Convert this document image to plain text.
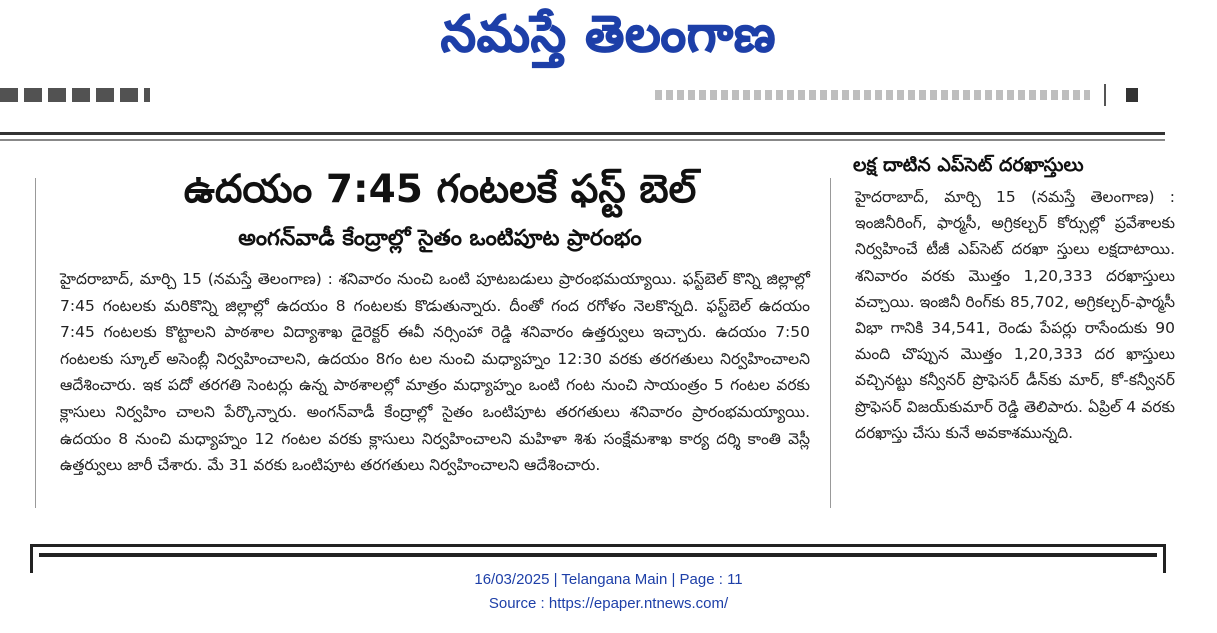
నమస్తే తెలంగాణ
ఉదయం 7:45 గంటలకే ఫస్ట్ బెల్
అంగన్‌వాడీ కేంద్రాల్లో సైతం ఒంటిపూట ప్రారంభం
హైదరాబాద్, మార్చి 15 (నమస్తే తెలంగాణ) : శనివారం నుంచి ఒంటి పూటబడులు ప్రారంభమయ్యాయి. ఫస్ట్‌బెల్ కొన్ని జిల్లాల్లో 7:45 గంటలకు మరికొన్ని జిల్లాల్లో ఉదయం 8 గంటలకు కొడుతున్నారు. దీంతో గంద రగోళం నెలకొన్నది. ఫస్ట్‌బెల్ ఉదయం 7:45 గంటలకు కొట్టాలని పాఠశాల విద్యాశాఖ డైరెక్టర్ ఈవీ నర్సింహా రెడ్డి శనివారం ఉత్తర్వులు ఇచ్చారు. ఉదయం 7:50 గంటలకు స్కూల్ అసెంబ్లీ నిర్వహించాలని, ఉదయం 8గం టల నుంచి మధ్యాహ్నం 12:30 వరకు తరగతులు నిర్వహించాలని ఆదేశించారు. ఇక పదో తరగతి సెంటర్లు ఉన్న పాఠశాలల్లో మాత్రం మధ్యాహ్నం ఒంటి గంట నుంచి సాయంత్రం 5 గంటల వరకు క్లాసులు నిర్వహిం చాలని పేర్కొన్నారు. అంగన్‌వాడీ కేంద్రాల్లో సైతం ఒంటిపూట తరగతులు శనివారం ప్రారంభమయ్యాయి. ఉదయం 8 నుంచి మధ్యాహ్నం 12 గంటల వరకు క్లాసులు నిర్వహించాలని మహిళా శిశు సంక్షేమశాఖ కార్య దర్శి కాంతి వెస్లీ ఉత్తర్వులు జారీ చేశారు. మే 31 వరకు ఒంటిపూట తరగతులు నిర్వహించాలని ఆదేశించారు.
లక్ష దాటిన ఎప్‌సెట్ దరఖాస్తులు
హైదరాబాద్, మార్చి 15 (నమస్తే తెలంగాణ) : ఇంజినీరింగ్, ఫార్మసీ, అగ్రికల్చర్ కోర్సుల్లో ప్రవేశాలకు నిర్వహించే టీజీ ఎప్‌సెట్ దరఖా స్తులు లక్షదాటాయి. శనివారం వరకు మొత్తం 1,20,333 దరఖాస్తులు వచ్చాయి. ఇంజినీ రింగ్‌కు 85,702, అగ్రికల్చర్-ఫార్మసీ విభా గానికి 34,541, రెండు పేపర్లు రాసేందుకు 90 మంది చొప్పున మొత్తం 1,20,333 దర ఖాస్తులు వచ్చినట్టు కన్వీనర్ ప్రొఫెసర్ డీన్‌కు మార్, కో-కన్వీనర్ ప్రొఫెసర్ విజయ్‌కుమార్ రెడ్డి తెలిపారు. ఏప్రిల్ 4 వరకు దరఖాస్తు చేసు కునే అవకాశమున్నది.
16/03/2025 | Telangana Main | Page : 11
Source : https://epaper.ntnews.com/
